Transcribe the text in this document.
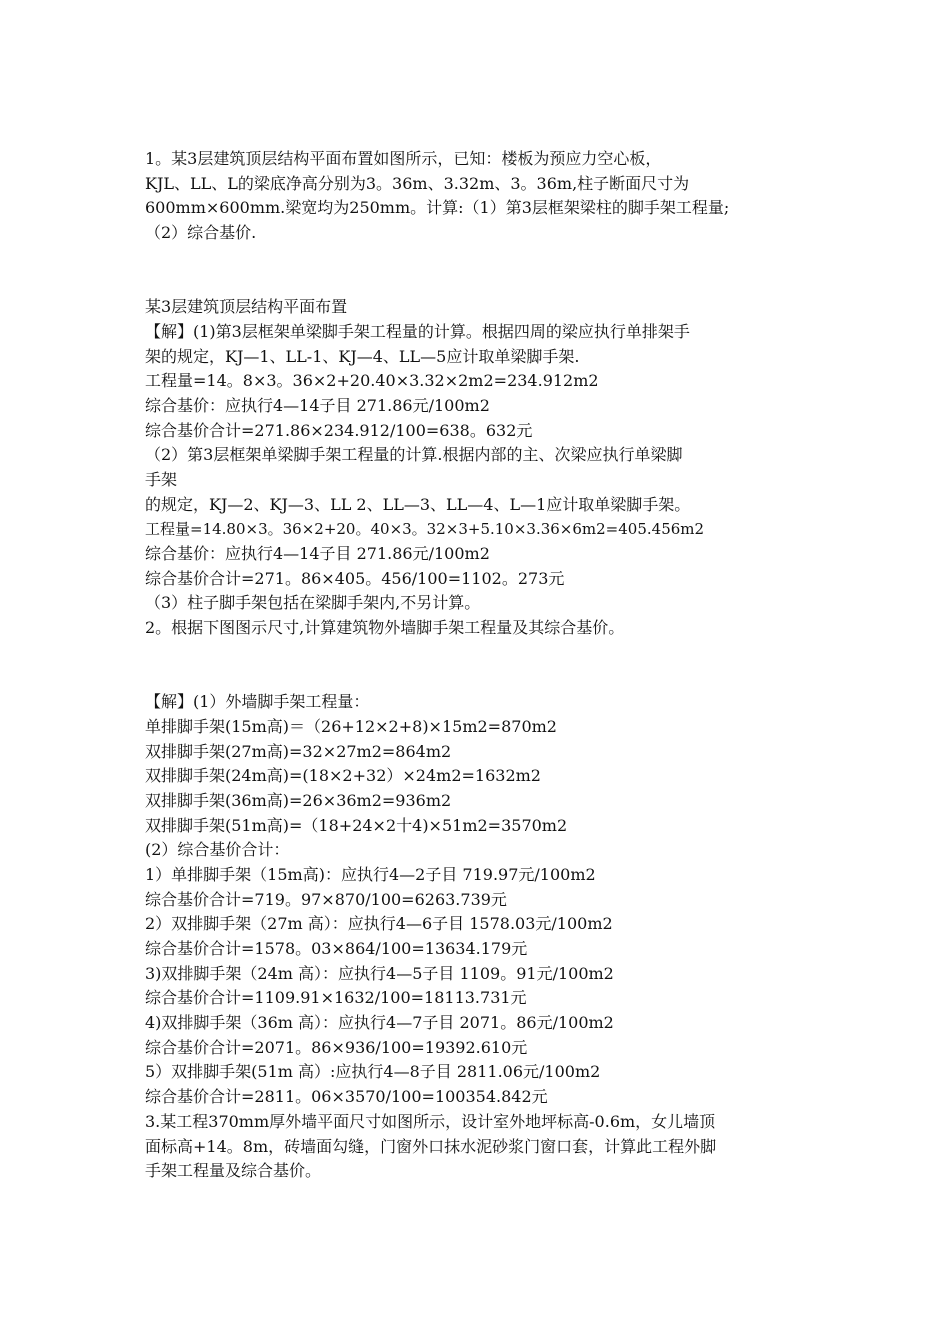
1。某3层建筑顶层结构平面布置如图所示，已知：楼板为预应力空心板，
KJL、LL、L的梁底净高分别为3。36m、3.32m、3。36m,柱子断面尺寸为
600mm×600mm.梁宽均为250mm。计算:（1）第3层框架梁柱的脚手架工程量;
（2）综合基价.
某3层建筑顶层结构平面布置
【解】(1)第3层框架单梁脚手架工程量的计算。根据四周的梁应执行单排架手
架的规定，KJ—1、LL-1、KJ—4、LL—5应计取单梁脚手架.
工程量=14。8×3。36×2+20.40×3.32×2m2=234.912m2
综合基价：应执行4—14子目 271.86元/100m2
综合基价合计=271.86×234.912/100=638。632元
（2）第3层框架单梁脚手架工程量的计算.根据内部的主、次梁应执行单梁脚
手架
的规定，KJ—2、KJ—3、LL 2、LL—3、LL—4、L—1应计取单梁脚手架。
工程量=14.80×3。36×2+20。40×3。32×3+5.10×3.36×6m2=405.456m2
综合基价：应执行4—14子目 271.86元/100m2
综合基价合计=271。86×405。456/100=1102。273元
（3）柱子脚手架包括在梁脚手架内,不另计算。
2。根据下图图示尺寸,计算建筑物外墙脚手架工程量及其综合基价。
【解】(1）外墙脚手架工程量：
单排脚手架(15m高)＝（26+12×2+8)×15m2=870m2
双排脚手架(27m高)=32×27m2=864m2
双排脚手架(24m高)=(18×2+32）×24m2=1632m2
双排脚手架(36m高)=26×36m2=936m2
双排脚手架(51m高)=（18+24×2十4)×51m2=3570m2
(2）综合基价合计：
1）单排脚手架（15m高)：应执行4—2子目 719.97元/100m2
综合基价合计=719。97×870/100=6263.739元
2）双排脚手架（27m 高）：应执行4—6子目 1578.03元/100m2
综合基价合计=1578。03×864/100=13634.179元
3)双排脚手架（24m 高）：应执行4—5子目 1109。91元/100m2
综合基价合计=1109.91×1632/100=18113.731元
4)双排脚手架（36m 高）：应执行4—7子目 2071。86元/100m2
综合基价合计=2071。86×936/100=19392.610元
5）双排脚手架(51m 高）:应执行4—8子目 2811.06元/100m2
综合基价合计=2811。06×3570/100=100354.842元
3.某工程370mm厚外墙平面尺寸如图所示，设计室外地坪标高-0.6m，女儿墙顶
面标高+14。8m，砖墙面勾缝，门窗外口抹水泥砂浆门窗口套，计算此工程外脚
手架工程量及综合基价。
